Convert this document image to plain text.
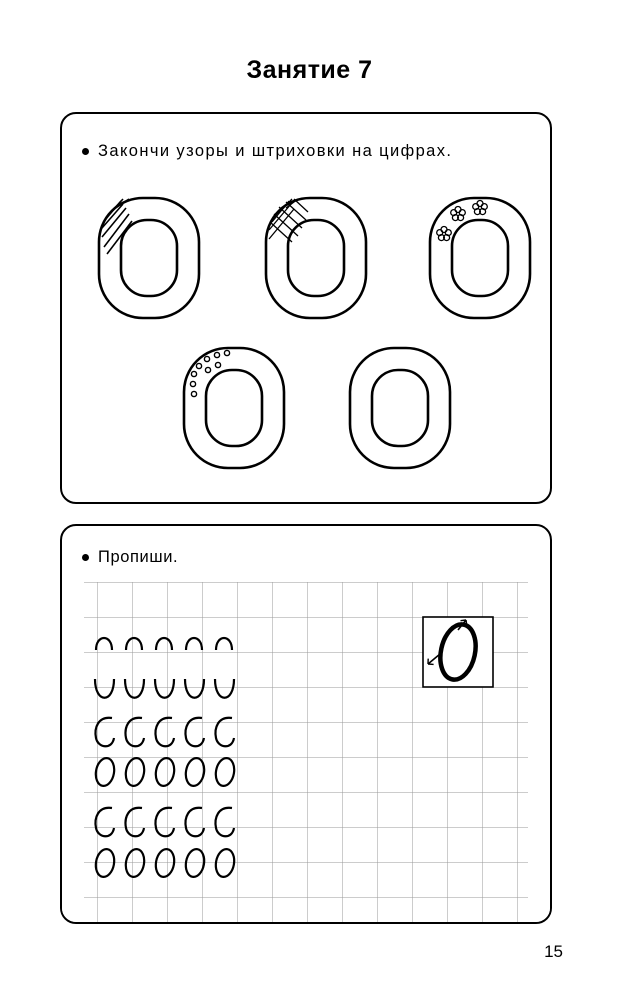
Занятие 7
Закончи узоры и штриховки на цифрах.
Пропиши.
15
